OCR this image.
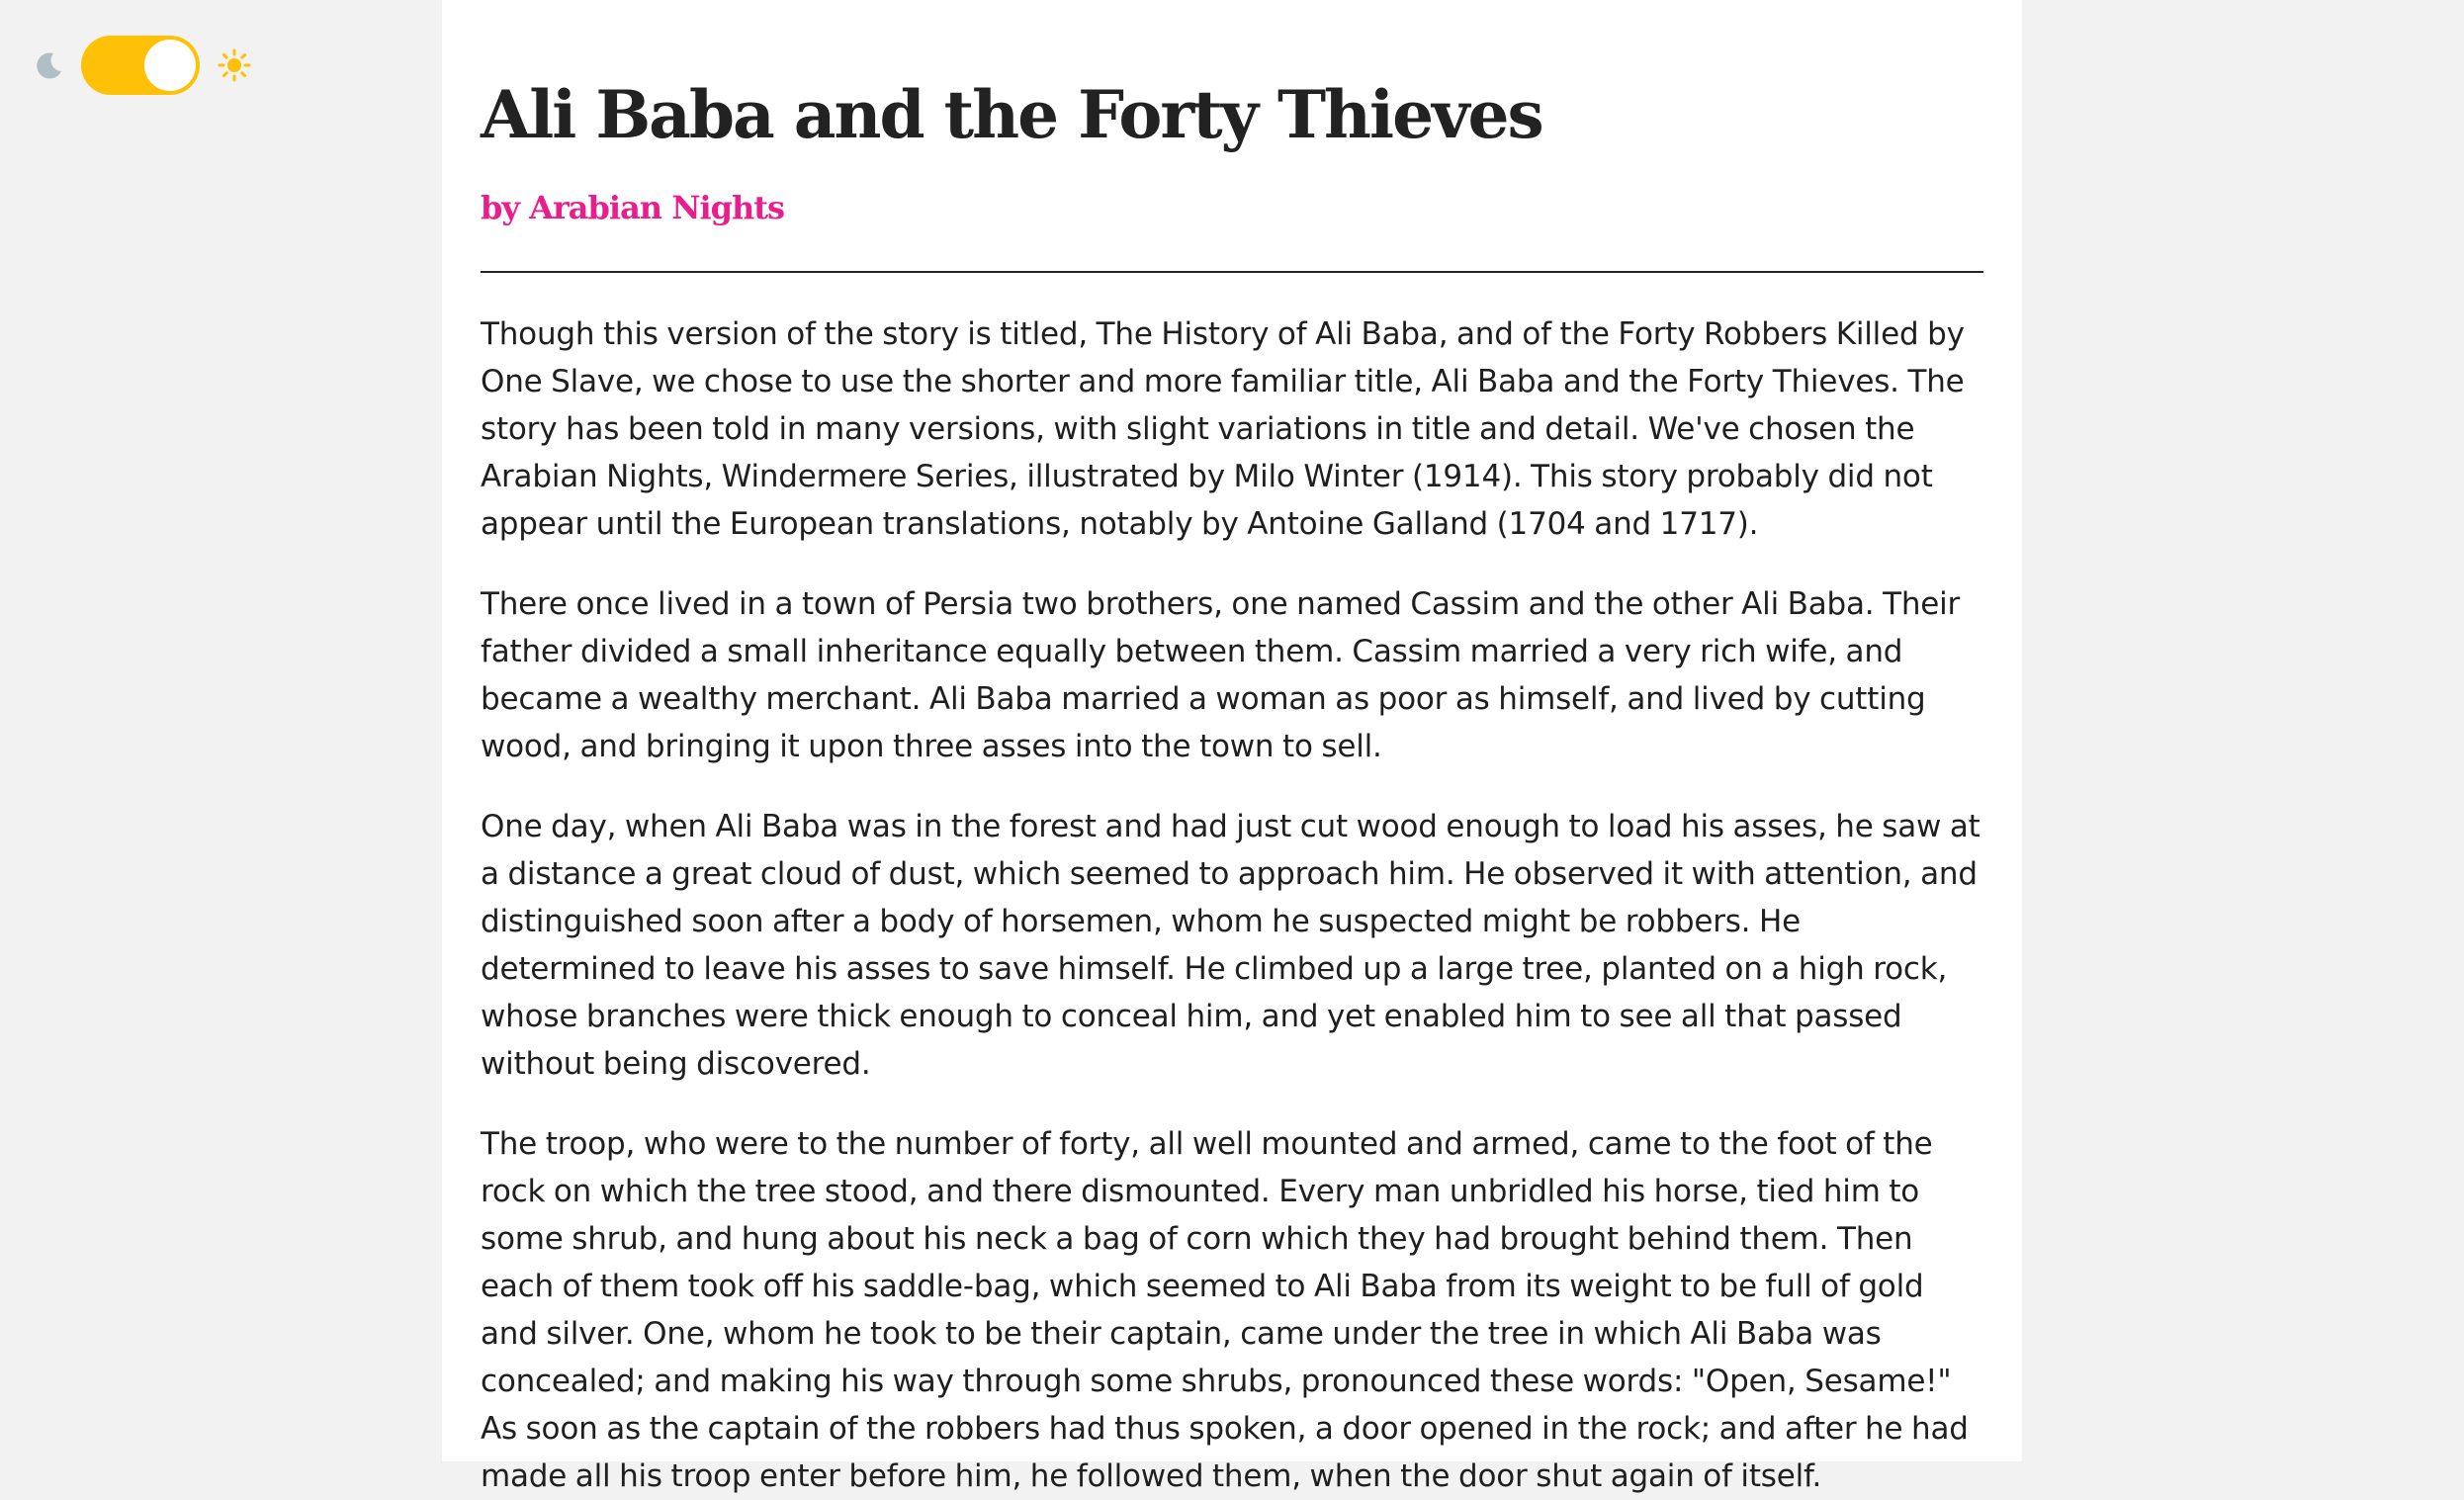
Ali Baba and the Forty Thieves
by Arabian Nights

Though this version of the story is titled, The History of Ali Baba, and of the Forty Robbers Killed by One Slave, we chose to use the shorter and more familiar title, Ali Baba and the Forty Thieves. The story has been told in many versions, with slight variations in title and detail. We've chosen the Arabian Nights, Windermere Series, illustrated by Milo Winter (1914). This story probably did not appear until the European translations, notably by Antoine Galland (1704 and 1717).

There once lived in a town of Persia two brothers, one named Cassim and the other Ali Baba. Their father divided a small inheritance equally between them. Cassim married a very rich wife, and became a wealthy merchant. Ali Baba married a woman as poor as himself, and lived by cutting wood, and bringing it upon three asses into the town to sell.

One day, when Ali Baba was in the forest and had just cut wood enough to load his asses, he saw at a distance a great cloud of dust, which seemed to approach him. He observed it with attention, and distinguished soon after a body of horsemen, whom he suspected might be robbers. He determined to leave his asses to save himself. He climbed up a large tree, planted on a high rock, whose branches were thick enough to conceal him, and yet enabled him to see all that passed without being discovered.

The troop, who were to the number of forty, all well mounted and armed, came to the foot of the rock on which the tree stood, and there dismounted. Every man unbridled his horse, tied him to some shrub, and hung about his neck a bag of corn which they had brought behind them. Then each of them took off his saddle-bag, which seemed to Ali Baba from its weight to be full of gold and silver. One, whom he took to be their captain, came under the tree in which Ali Baba was concealed; and making his way through some shrubs, pronounced these words: "Open, Sesame!" As soon as the captain of the robbers had thus spoken, a door opened in the rock; and after he had made all his troop enter before him, he followed them, when the door shut again of itself.
